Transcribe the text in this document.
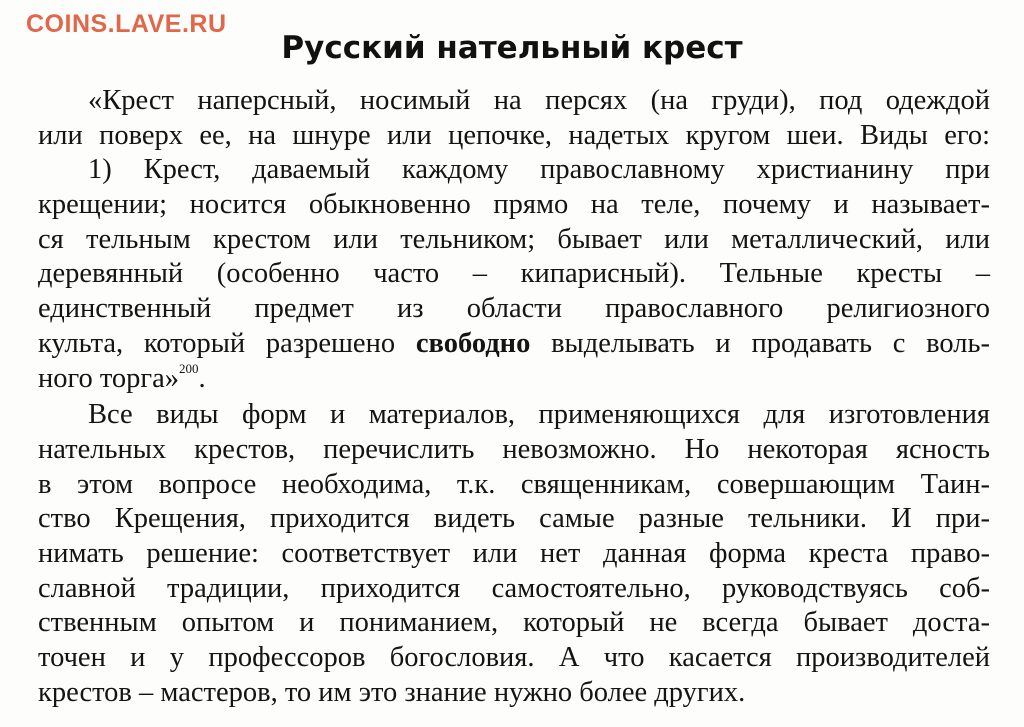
COINS.LAVE.RU
Русский нательный крест
«Крест наперсный, носимый на персях (на груди), под одеждой
или поверх ее, на шнуре или цепочке, надетых кругом шеи. Виды его:
1) Крест, даваемый каждому православному христианину при
крещении; носится обыкновенно прямо на теле, почему и называет-
ся тельным крестом или тельником; бывает или металлический, или
деревянный (особенно часто – кипарисный). Тельные кресты –
единственный предмет из области православного религиозного
культа, который разрешено свободно выделывать и продавать с воль-
ного торга»$^{200}$.
Все виды форм и материалов, применяющихся для изготовления
нательных крестов, перечислить невозможно. Но некоторая ясность
в этом вопросе необходима, т.к. священникам, совершающим Таин-
ство Крещения, приходится видеть самые разные тельники. И при-
нимать решение: соответствует или нет данная форма креста право-
славной традиции, приходится самостоятельно, руководствуясь соб-
ственным опытом и пониманием, который не всегда бывает доста-
точен и у профессоров богословия. А что касается производителей
крестов – мастеров, то им это знание нужно более других.
